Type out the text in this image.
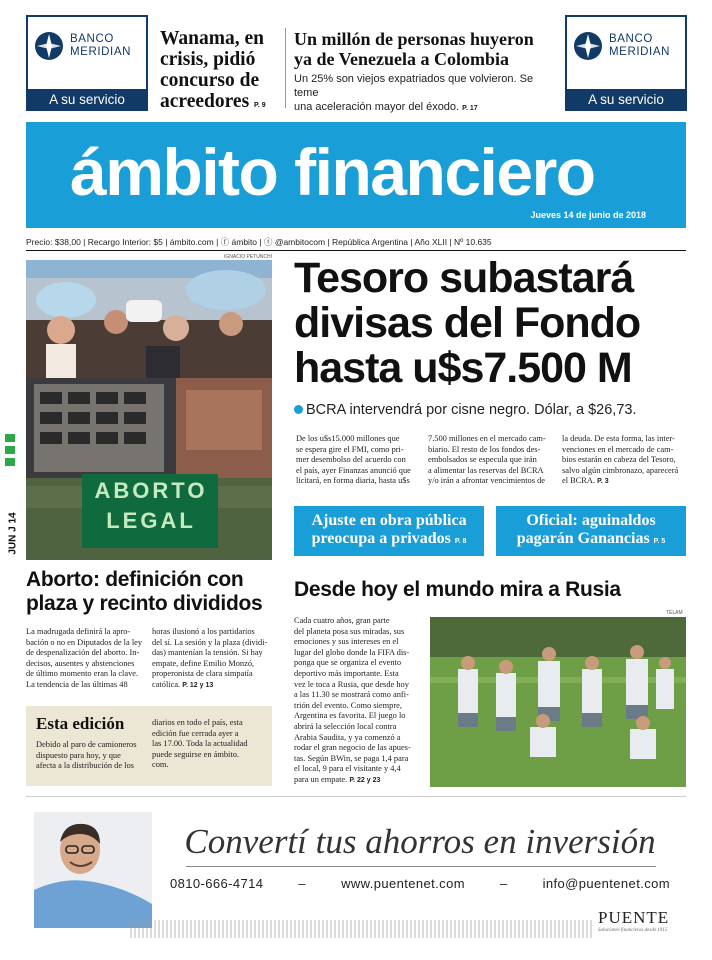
BANCO
MERIDIAN
A su servicio
Wanama, en
crisis, pidió
concurso de
acreedores P. 9
Un millón de personas huyeron
ya de Venezuela a Colombia
Un 25% son viejos expatriados que volvieron. Se teme
una aceleración mayor del éxodo. P. 17
BANCO
MERIDIAN
A su servicio
ámbito financiero
Jueves 14 de junio de 2018
Precio: $38,00 | Recargo Interior: $5 | ámbito.com | ⓕ ámbito | ⓣ @ambitocom | República Argentina | Año XLII | Nº 10.635
IGNACIO PETUNCHI
ABORTO
LEGAL
JUN J 14
Tesoro subastará
divisas del Fondo
hasta u$s7.500 M
BCRA intervendrá por cisne negro. Dólar, a $26,73.
De los u$s15.000 millones que
se espera gire el FMI, como pri-
mer desembolso del acuerdo con
el país, ayer Finanzas anunció que
licitará, en forma diaria, hasta u$s
7.500 millones en el mercado cam-
biario. El resto de los fondos des-
embolsados se especula que irán
a alimentar las reservas del BCRA
y/o irán a afrontar vencimientos de
la deuda. De esta forma, las inter-
venciones en el mercado de cam-
bios estarán en cabeza del Tesoro,
salvo algún cimbronazo, aparecerá
el BCRA. P. 3
Ajuste en obra pública
preocupa a privados P. 8
Oficial: aguinaldos
pagarán Ganancias P. 5
Aborto: definición con
plaza y recinto divididos
La madrugada definirá la apro-
bación o no en Diputados de la ley
de despenalización del aborto. In-
decisos, ausentes y abstenciones
de último momento eran la clave.
La tendencia de las últimas 48
horas ilusionó a los partidarios
del sí. La sesión y la plaza (dividi-
das) mantenían la tensión. Si hay
empate, define Emilio Monzó,
properonista de clara simpatía
católica. P. 12 y 13
Esta edición
Debido al paro de camioneros
dispuesto para hoy, y que
afecta a la distribución de los
diarios en todo el país, esta
edición fue cerrada ayer a
las 17.00. Toda la actualidad
puede seguirse en ámbito.
com.
Desde hoy el mundo mira a Rusia
TÉLAM
Cada cuatro años, gran parte
del planeta posa sus miradas, sus
emociones y sus intereses en el
lugar del globo donde la FIFA dis-
ponga que se organiza el evento
deportivo más importante. Esta
vez le toca a Rusia, que desde hoy
a las 11.30 se mostrará como anfi-
trión del evento. Como siempre,
Argentina es favorita. El juego lo
abrirá la selección local contra
Arabia Saudita, y ya comenzó a
rodar el gran negocio de las apues-
tas. Según BWin, se paga 1,4 para
el local, 9 para el visitante y 4,4
para un empate. P. 22 y 23
Convertí tus ahorros en inversión
0810-666-4714	–	www.puentenet.com	–	info@puentenet.com
PUENTE
Soluciones financieras desde 1915
